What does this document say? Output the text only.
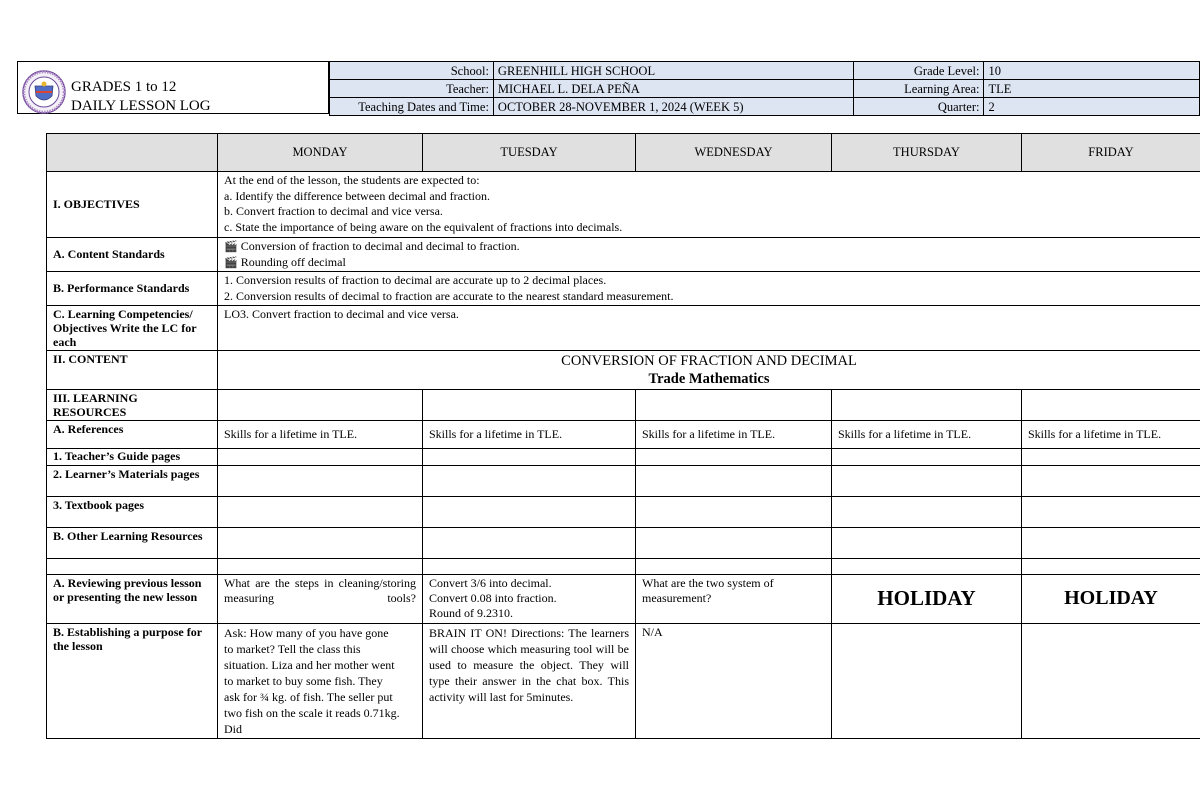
GRADES 1 to 12
DAILY LESSON LOG
School:	GREENHILL HIGH SCHOOL	Grade Level:	10
Teacher:	MICHAEL L. DELA PEÑA	Learning Area:	TLE
Teaching Dates and Time:	OCTOBER 28-NOVEMBER 1, 2024 (WEEK 5)	Quarter:	2
	MONDAY	TUESDAY	WEDNESDAY	THURSDAY	FRIDAY
I. OBJECTIVES	At the end of the lesson, the students are expected to:
a. Identify the difference between decimal and fraction.
b. Convert fraction to decimal and vice versa.
c. State the importance of being aware on the equivalent of fractions into decimals.				

A. Content Standards	🎬 Conversion of fraction to decimal and decimal to fraction.
🎬 Rounding off decimal				

B. Performance Standards	1. Conversion results of fraction to decimal are accurate up to 2 decimal places.
2. Conversion results of decimal to fraction are accurate to the nearest standard measurement.				

C. Learning Competencies/ Objectives Write the LC for each	LO3. Convert fraction to decimal and vice versa.				
II. CONTENT	CONVERSION OF FRACTION AND DECIMAL
Trade Mathematics				

III. LEARNING RESOURCES					
A. References	Skills for a lifetime in TLE.	Skills for a lifetime in TLE.	Skills for a lifetime in TLE.	Skills for a lifetime in TLE.	Skills for a lifetime in TLE.
1. Teacher’s Guide pages					
2. Learner’s Materials pages					
3. Textbook pages					
B. Other Learning Resources					

A. Reviewing previous lesson or presenting the new lesson	What are the steps in cleaning/storing measuring tools?	Convert 3/6 into decimal.
Convert 0.08 into fraction.
Round of 9.2310.	What are the two system of measurement?	HOLIDAY	HOLIDAY
B. Establishing a purpose for the lesson	Ask: How many of you have gone to market? Tell the class this situation. Liza and her mother went to market to buy some fish. They ask for ¾ kg. of fish. The seller put two fish on the scale it reads 0.71kg. Did	BRAIN IT ON! Directions: The learners will choose which measuring tool will be used to measure the object. They will type their answer in the chat box. This activity will last for 5minutes.	N/A		
